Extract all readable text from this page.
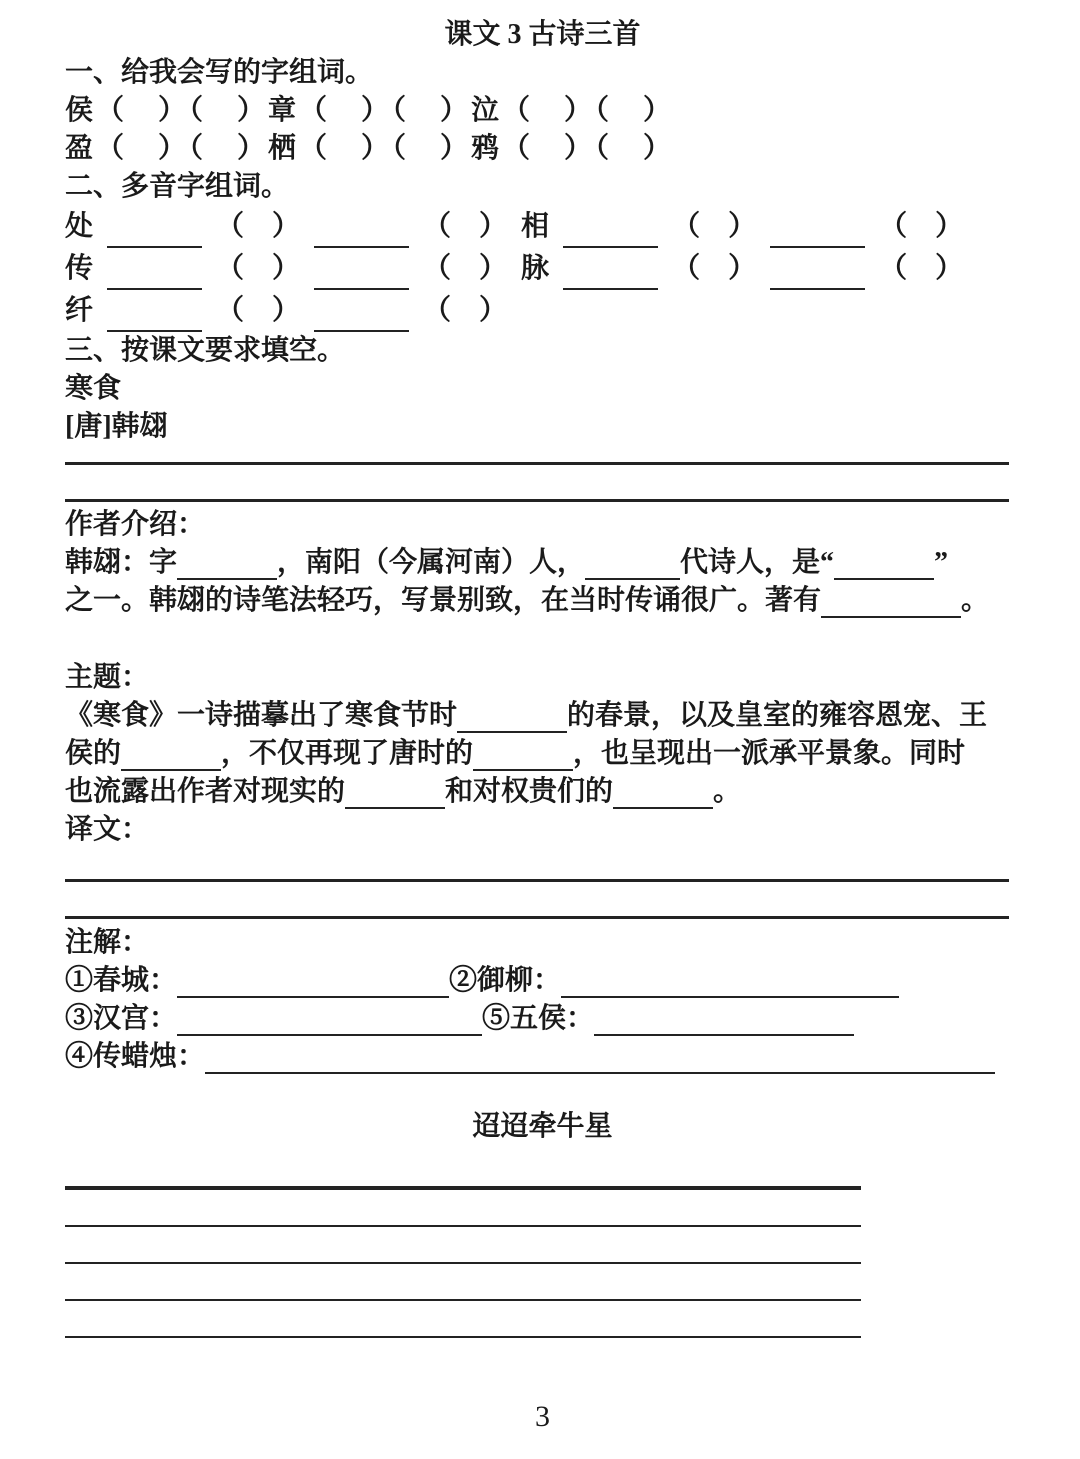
课文 3 古诗三首
一、给我会写的字组词。
侯（　）（　）章（　）（　）泣（　）（　）
盈（　）（　）栖（　）（　）鸦（　）（　）
二、多音字组词。
处	（　）	（　） 相	（　）	（　）
传	（　）	（　） 脉	（　）	（　）
纤	（　）	（　）
三、按课文要求填空。
寒食
[唐]韩翃
作者介绍：
韩翃：字	，南阳（今属河南）人，	代诗人，是“	”
之一。韩翃的诗笔法轻巧，写景别致，在当时传诵很广。著有	。
主题：
《寒食》一诗描摹出了寒食节时	的春景，以及皇室的雍容恩宠、王
侯的	，不仅再现了唐时的	，也呈现出一派承平景象。同时
也流露出作者对现实的	和对权贵们的	。
译文：
注解：
①春城：	②御柳：
③汉宫：	⑤五侯：
④传蜡烛：
迢迢牵牛星
3
